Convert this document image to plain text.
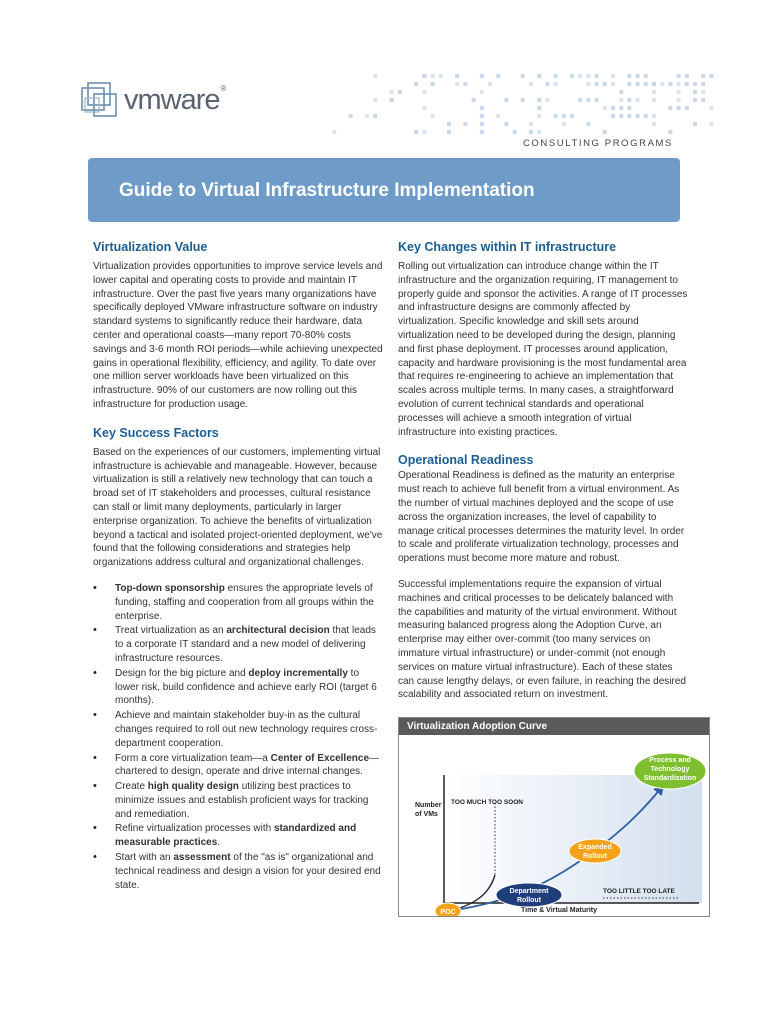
vmware®
CONSULTING PROGRAMS
Guide to Virtual Infrastructure Implementation
Virtualization Value

Virtualization provides opportunities to improve service levels and lower capital and operating costs to provide and maintain IT infrastructure. Over the past five years many organizations have specifically deployed VMware infrastructure software on industry standard systems to significantly reduce their hardware, data center and operational coasts—many report 70-80% costs savings and 3-6 month ROI periods—while achieving unexpected gains in operational flexibility, efficiency, and agility. To date over one million server workloads have been virtualized on this infrastructure. 90% of our customers are now rolling out this infrastructure for production usage.

Key Success Factors

Based on the experiences of our customers, implementing virtual infrastructure is achievable and manageable. However, because virtualization is still a relatively new technology that can touch a broad set of IT stakeholders and processes, cultural resistance can stall or limit many deployments, particularly in larger enterprise organization. To achieve the benefits of virtualization beyond a tactical and isolated project-oriented deployment, we've found that the following considerations and strategies help organizations address cultural and organizational challenges.

• Top-down sponsorship ensures the appropriate levels of funding, staffing and cooperation from all groups within the enterprise.
• Treat virtualization as an architectural decision that leads to a corporate IT standard and a new model of delivering infrastructure resources.
• Design for the big picture and deploy incrementally to lower risk, build confidence and achieve early ROI (target 6 months).
• Achieve and maintain stakeholder buy-in as the cultural changes required to roll out new technology requires cross-department cooperation.
• Form a core virtualization team—a Center of Excellence—chartered to design, operate and drive internal changes.
• Create high quality design utilizing best practices to minimize issues and establish proficient ways for tracking and remediation.
• Refine virtualization processes with standardized and measurable practices.
• Start with an assessment of the "as is" organizational and technical readiness and design a vision for your desired end state.
Key Changes within IT infrastructure

Rolling out virtualization can introduce change within the IT infrastructure and the organization requiring, IT management to properly guide and sponsor the activities. A range of IT processes and infrastructure designs are commonly affected by virtualization. Specific knowledge and skill sets around virtualization need to be developed during the design, planning and first phase deployment. IT processes around application, capacity and hardware provisioning is the most fundamental area that requires re-engineering to achieve an implementation that scales across multiple terms. In many cases, a straightforward evolution of current technical standards and operational processes will achieve a smooth integration of virtual infrastructure into existing practices.

Operational Readiness

Operational Readiness is defined as the maturity an enterprise must reach to achieve full benefit from a virtual environment. As the number of virtual machines deployed and the scope of use across the organization increases, the level of capability to manage critical processes determines the maturity level. In order to scale and proliferate virtualization technology, processes and operations must become more mature and robust.

Successful implementations require the expansion of virtual machines and critical processes to be delicately balanced with the capabilities and maturity of the virtual environment. Without measuring balanced progress along the Adoption Curve, an enterprise may either over-commit (too many services on immature virtual infrastructure) or under-commit (not enough services on mature virtual infrastructure). Each of these states can cause lengthy delays, or even failure, in reaching the desired scalability and associated return on investment.

Virtualization Adoption Curve
Number
of VMs
TOO MUCH TOO SOON
TOO LITTLE TOO LATE
Time & Virtual Maturity
POC
Department
Rollout
Expanded
Rollout
Process and
Technology
Standardization
